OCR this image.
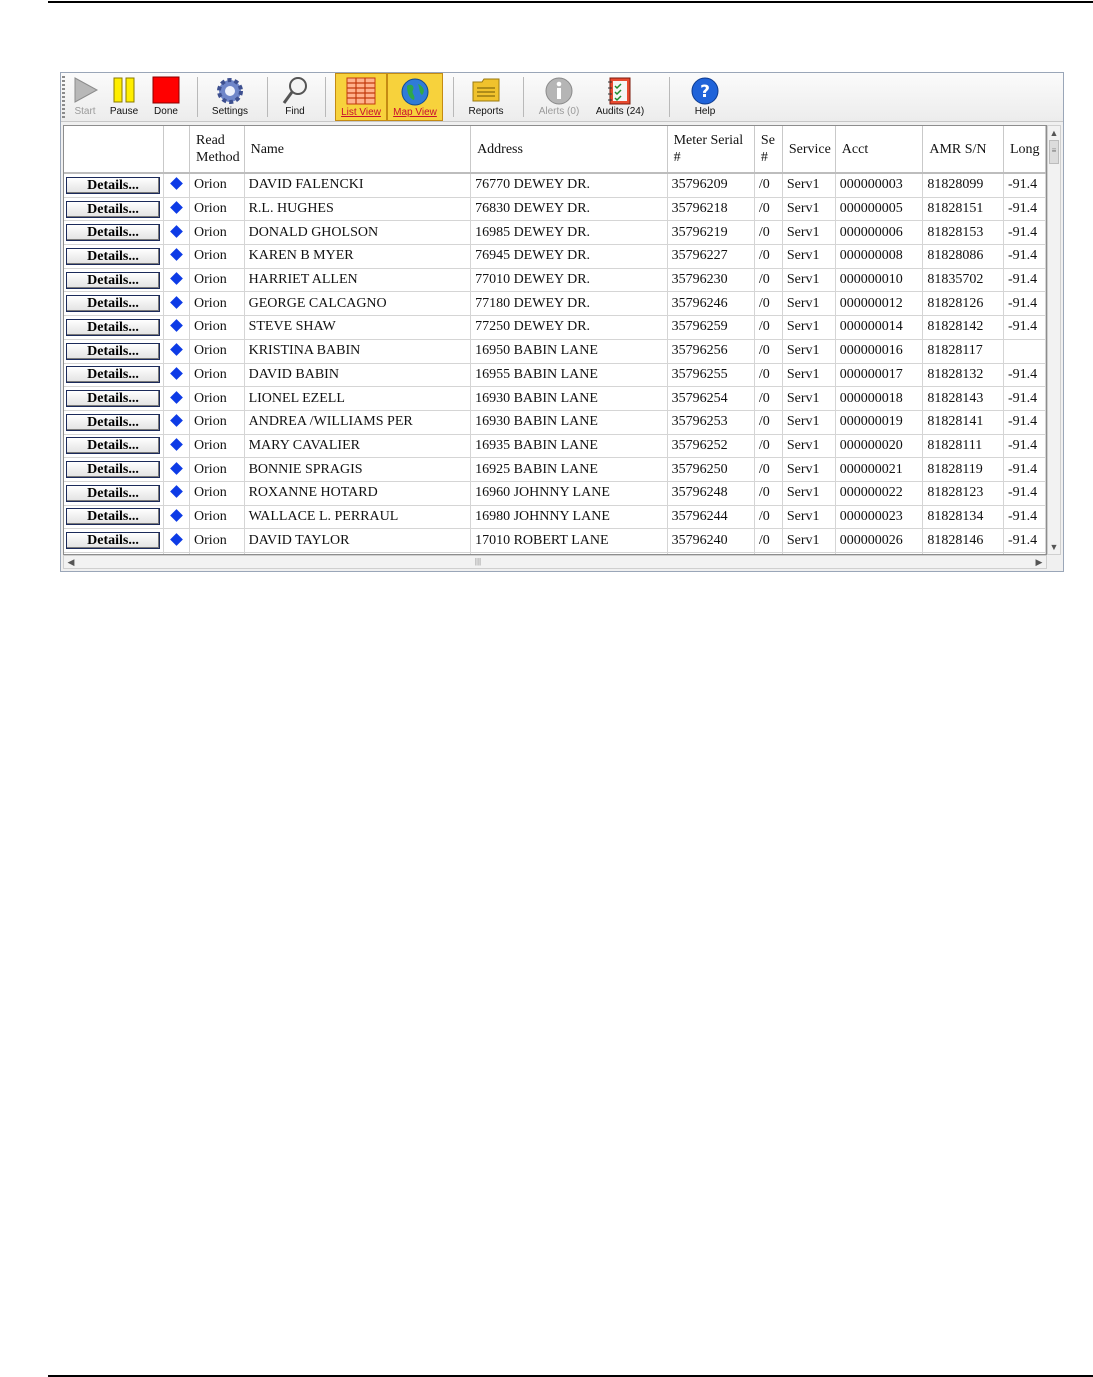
Start	Pause	Done	Settings	Find	List View	Map View	Reports	Alerts (0)	Audits (24)
?
Help
		Read Method	Name	Address	Meter Serial #	Se #	Service	Acct	AMR S/N	Long

Details...		Orion	DAVID FALENCKI	76770 DEWEY DR.	35796209	/0	Serv1	000000003	81828099	-91.4

Details...		Orion	R.L. HUGHES	76830 DEWEY DR.	35796218	/0	Serv1	000000005	81828151	-91.4

Details...		Orion	DONALD GHOLSON	16985 DEWEY DR.	35796219	/0	Serv1	000000006	81828153	-91.4

Details...		Orion	KAREN B MYER	76945 DEWEY DR.	35796227	/0	Serv1	000000008	81828086	-91.4

Details...		Orion	HARRIET ALLEN	77010 DEWEY DR.	35796230	/0	Serv1	000000010	81835702	-91.4

Details...		Orion	GEORGE CALCAGNO	77180 DEWEY DR.	35796246	/0	Serv1	000000012	81828126	-91.4

Details...		Orion	STEVE SHAW	77250 DEWEY DR.	35796259	/0	Serv1	000000014	81828142	-91.4

Details...		Orion	KRISTINA BABIN	16950 BABIN LANE	35796256	/0	Serv1	000000016	81828117	

Details...		Orion	DAVID BABIN	16955 BABIN LANE	35796255	/0	Serv1	000000017	81828132	-91.4

Details...		Orion	LIONEL EZELL	16930 BABIN LANE	35796254	/0	Serv1	000000018	81828143	-91.4

Details...		Orion	ANDREA /WILLIAMS PER	16930 BABIN LANE	35796253	/0	Serv1	000000019	81828141	-91.4

Details...		Orion	MARY CAVALIER	16935 BABIN LANE	35796252	/0	Serv1	000000020	81828111	-91.4

Details...		Orion	BONNIE SPRAGIS	16925 BABIN LANE	35796250	/0	Serv1	000000021	81828119	-91.4

Details...		Orion	ROXANNE HOTARD	16960 JOHNNY LANE	35796248	/0	Serv1	000000022	81828123	-91.4

Details...		Orion	WALLACE L. PERRAUL	16980 JOHNNY LANE	35796244	/0	Serv1	000000023	81828134	-91.4

Details...		Orion	DAVID TAYLOR	17010 ROBERT LANE	35796240	/0	Serv1	000000026	81828146	-91.4

▲
≡
▼
◀	|||	▶
